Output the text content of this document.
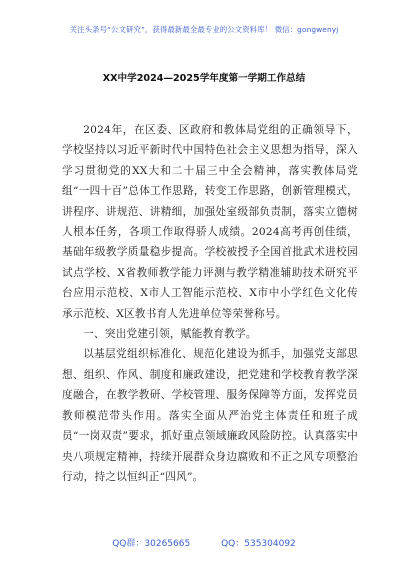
关注头条号“公文研究”，获得最新最全最专业的公文资料库！ 微信：gongwenyj
XX中学2024—2025学年度第一学期工作总结

2024年，在区委、区政府和教体局党组的正确领导下，学校坚持以习近平新时代中国特色社会主义思想为指导，深入学习贯彻党的XX大和二十届三中全会精神，落实教体局党组“一四十百”总体工作思路，转变工作思路，创新管理模式，讲程序、讲规范、讲精细，加强处室级部负责制，落实立德树人根本任务，各项工作取得骄人成绩。2024高考再创佳绩，基础年级教学质量稳步提高。学校被授予全国首批武术进校园试点学校、X省教师教学能力评测与教学精准辅助技术研究平台应用示范校、X市人工智能示范校、X市中小学红色文化传承示范校、X区教书育人先进单位等荣誉称号。

一、突出党建引领，赋能教育教学。

以基层党组织标准化、规范化建设为抓手，加强党支部思想、组织、作风、制度和廉政建设，把党建和学校教育教学深度融合，在教学教研、学校管理、服务保障等方面，发挥党员教师模范带头作用。落实全面从严治党主体责任和班子成员“一岗双责”要求，抓好重点领域廉政风险防控。认真落实中央八项规定精神，持续开展群众身边腐败和不正之风专项整治行动，持之以恒纠正“四风”。

QQ群：30265665	QQ：535304092
